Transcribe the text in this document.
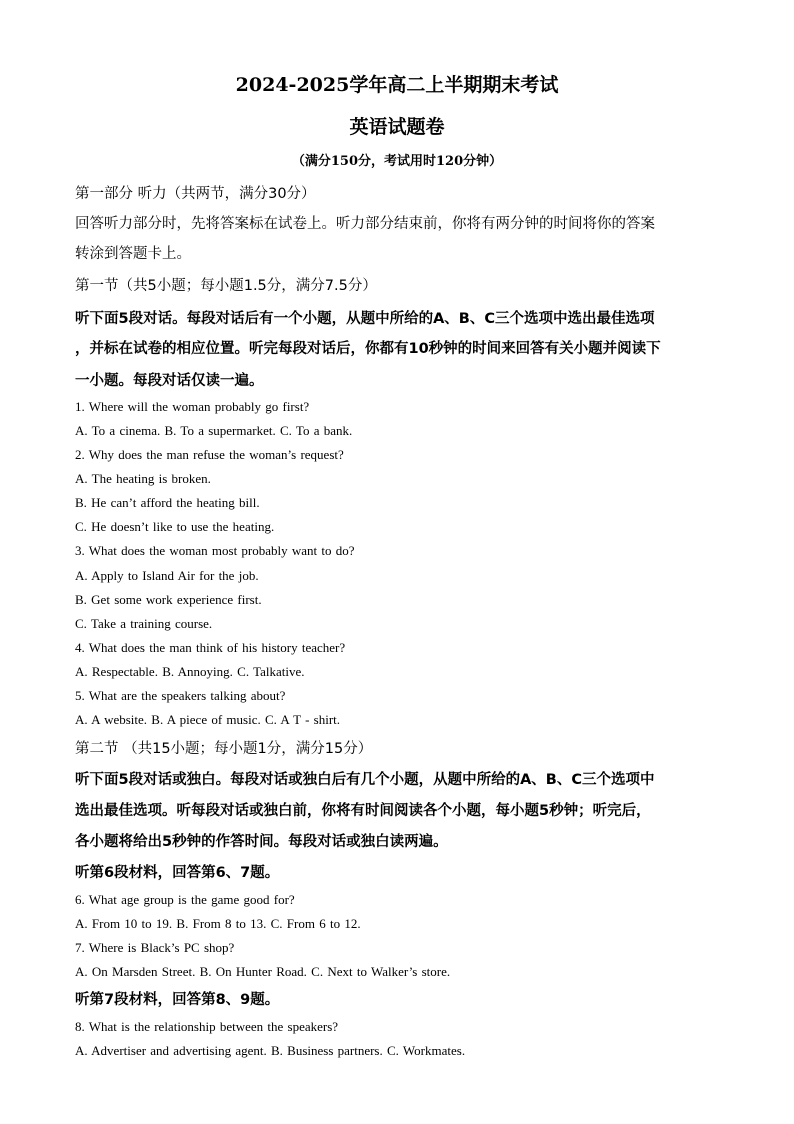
2024-2025学年高二上半期期末考试
英语试题卷
（满分150分，考试用时120分钟）
第一部分 听力（共两节，满分30分）
回答听力部分时，先将答案标在试卷上。听力部分结束前，你将有两分钟的时间将你的答案
转涂到答题卡上。
第一节（共5小题；每小题1.5分，满分7.5分）
听下面5段对话。每段对话后有一个小题，从题中所给的A、B、C三个选项中选出最佳选项
，并标在试卷的相应位置。听完每段对话后，你都有10秒钟的时间来回答有关小题并阅读下
一小题。每段对话仅读一遍。
1. Where will the woman probably go first?
A. To a cinema. B. To a supermarket. C. To a bank.
2. Why does the man refuse the woman’s request?
A. The heating is broken.
B. He can’t afford the heating bill.
C. He doesn’t like to use the heating.
3. What does the woman most probably want to do?
A. Apply to Island Air for the job.
B. Get some work experience first.
C. Take a training course.
4. What does the man think of his history teacher?
A. Respectable. B. Annoying. C. Talkative.
5. What are the speakers talking about?
A. A website. B. A piece of music. C. A T - shirt.
第二节 （共15小题；每小题1分，满分15分）
听下面5段对话或独白。每段对话或独白后有几个小题，从题中所给的A、B、C三个选项中
选出最佳选项。听每段对话或独白前，你将有时间阅读各个小题，每小题5秒钟；听完后，
各小题将给出5秒钟的作答时间。每段对话或独白读两遍。
听第6段材料，回答第6、7题。
6. What age group is the game good for?
A. From 10 to 19. B. From 8 to 13. C. From 6 to 12.
7. Where is Black’s PC shop?
A. On Marsden Street. B. On Hunter Road. C. Next to Walker’s store.
听第7段材料，回答第8、9题。
8. What is the relationship between the speakers?
A. Advertiser and advertising agent. B. Business partners. C. Workmates.
